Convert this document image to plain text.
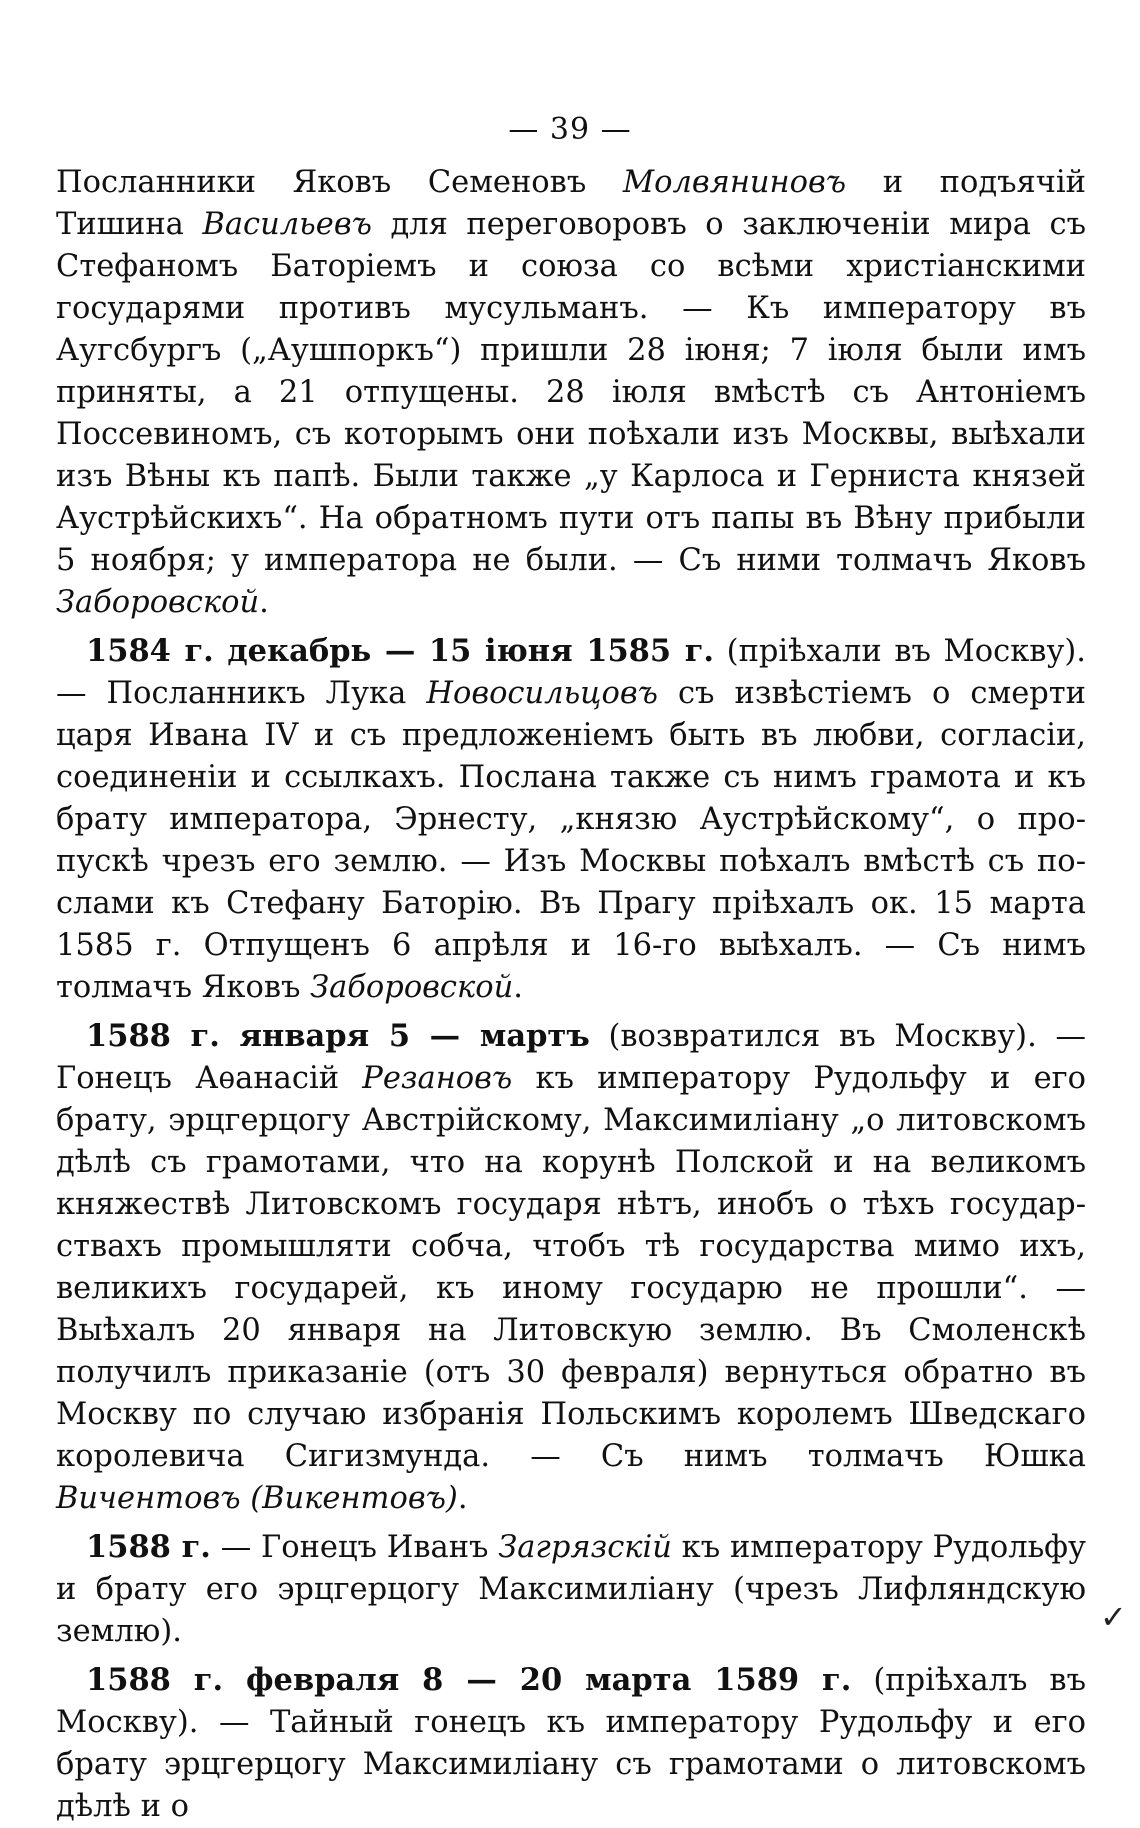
— 39 —

Посланники Яковъ Семеновъ Молвяниновъ и подъячій Тишина Васильевъ для переговоровъ о заключеніи мира съ Стефаномъ Баторіемъ и союза со всѣми христіанскими государями противъ мусульманъ. — Къ императору въ Аугсбургъ („Аушпоркъ“) пришли 28 іюня; 7 іюля были имъ приняты, а 21 отпущены. 28 іюля вмѣстѣ съ Антоніемъ Поссевиномъ, съ которымъ они поѣхали изъ Москвы, выѣхали изъ Вѣны къ папѣ. Были также „у Карлоса и Герниста князей Аустрѣйскихъ“. На обратномъ пути отъ папы въ Вѣну прибыли 5 ноября; у императора не были. — Съ ними толмачъ Яковъ Заборовской.

1584 г. декабрь — 15 іюня 1585 г. (пріѣхали въ Москву). — Посланникъ Лука Новосильцовъ съ извѣстіемъ о смерти царя Ивана IV и съ предложеніемъ быть въ любви, согласіи, соединеніи и ссылкахъ. Послана также съ нимъ грамота и къ брату императора, Эрнесту, „князю Аустрѣйскому“, о пропускѣ чрезъ его землю. — Изъ Москвы поѣхалъ вмѣстѣ съ послами къ Стефану Баторію. Въ Прагу пріѣхалъ ок. 15 марта 1585 г. Отпущенъ 6 апрѣля и 16-го выѣхалъ. — Съ нимъ толмачъ Яковъ Заборовской.

1588 г. января 5 — мартъ (возвратился въ Москву). — Гонецъ Аѳанасій Резановъ къ императору Рудольфу и его брату, эрцгерцогу Австрійскому, Максимиліану „о литовскомъ дѣлѣ съ грамотами, что на корунѣ Полской и на великомъ княжествѣ Литовскомъ государя нѣтъ, инобъ о тѣхъ государствахъ промышляти собча, чтобъ тѣ государства мимо ихъ, великихъ государей, къ иному государю не прошли“. — Выѣхалъ 20 января на Литовскую землю. Въ Смоленскѣ получилъ приказаніе (отъ 30 февраля) вернуться обратно въ Москву по случаю избранія Польскимъ королемъ Шведскаго королевича Сигизмунда. — Съ нимъ толмачъ Юшка Вичентовъ (Викентовъ).

1588 г. — Гонецъ Иванъ Загрязскій къ императору Рудольфу и брату его эрцгерцогу Максимиліану (чрезъ Лифляндскую землю).

1588 г. февраля 8 — 20 марта 1589 г. (пріѣхалъ въ Москву). — Тайный гонецъ къ императору Рудольфу и его брату эрцгерцогу Максимиліану съ грамотами о литовскомъ дѣлѣ и о

✓
